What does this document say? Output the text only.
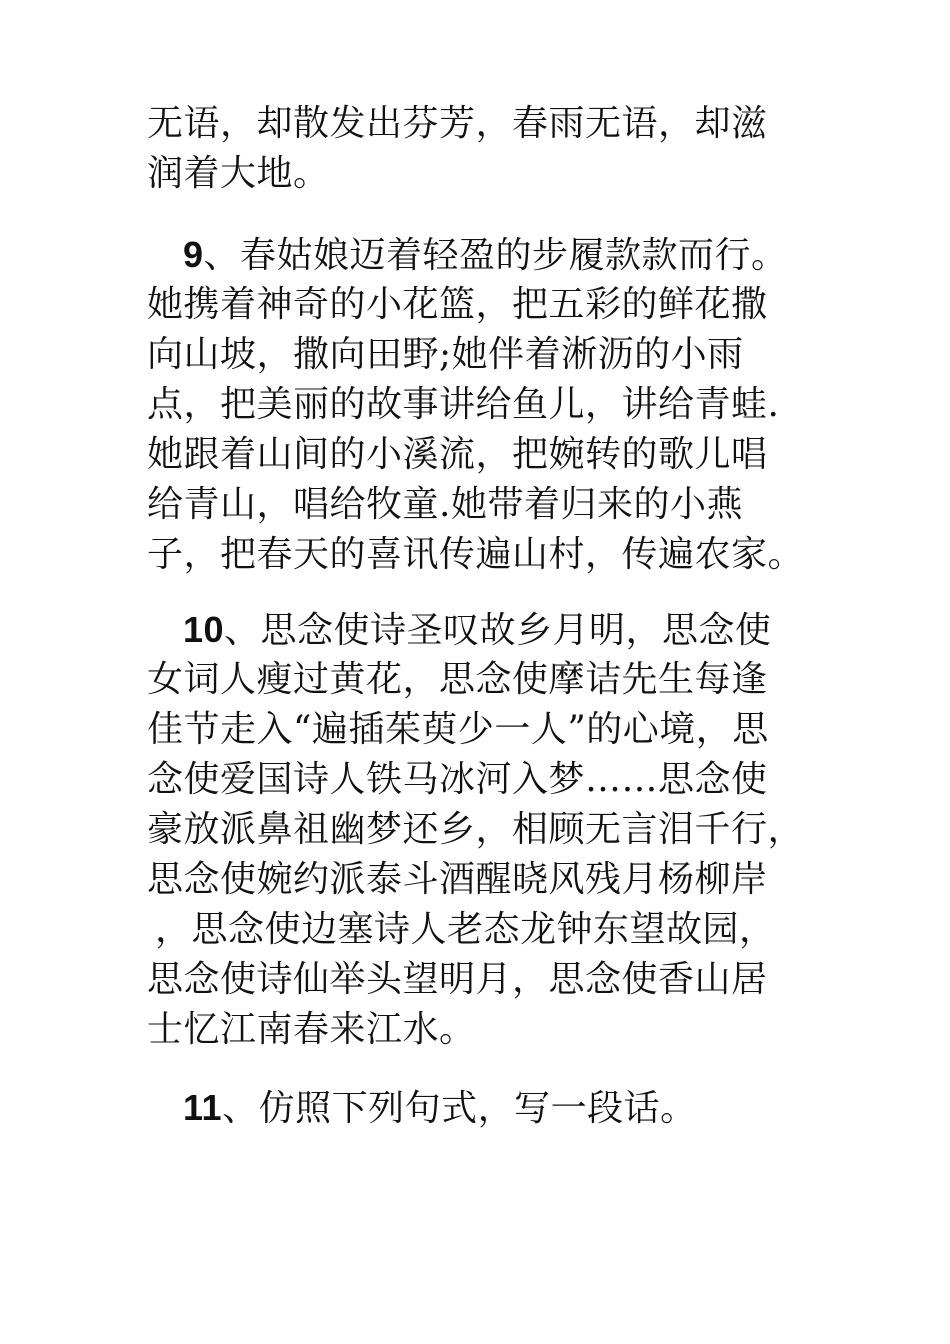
无语，却散发出芬芳，春雨无语，却滋
润着大地。
9、春姑娘迈着轻盈的步履款款而行。
她携着神奇的小花篮，把五彩的鲜花撒
向山坡，撒向田野;她伴着淅沥的小雨
点，把美丽的故事讲给鱼儿，讲给青蛙.
她跟着山间的小溪流，把婉转的歌儿唱
给青山，唱给牧童.她带着归来的小燕
子，把春天的喜讯传遍山村，传遍农家。
10、思念使诗圣叹故乡月明，思念使
女词人瘦过黄花，思念使摩诘先生每逢
佳节走入“遍插茱萸少一人”的心境，思
念使爱国诗人铁马冰河入梦……思念使
豪放派鼻祖幽梦还乡，相顾无言泪千行，
思念使婉约派泰斗酒醒晓风残月杨柳岸
，思念使边塞诗人老态龙钟东望故园，
思念使诗仙举头望明月，思念使香山居
士忆江南春来江水。
11、仿照下列句式，写一段话。
